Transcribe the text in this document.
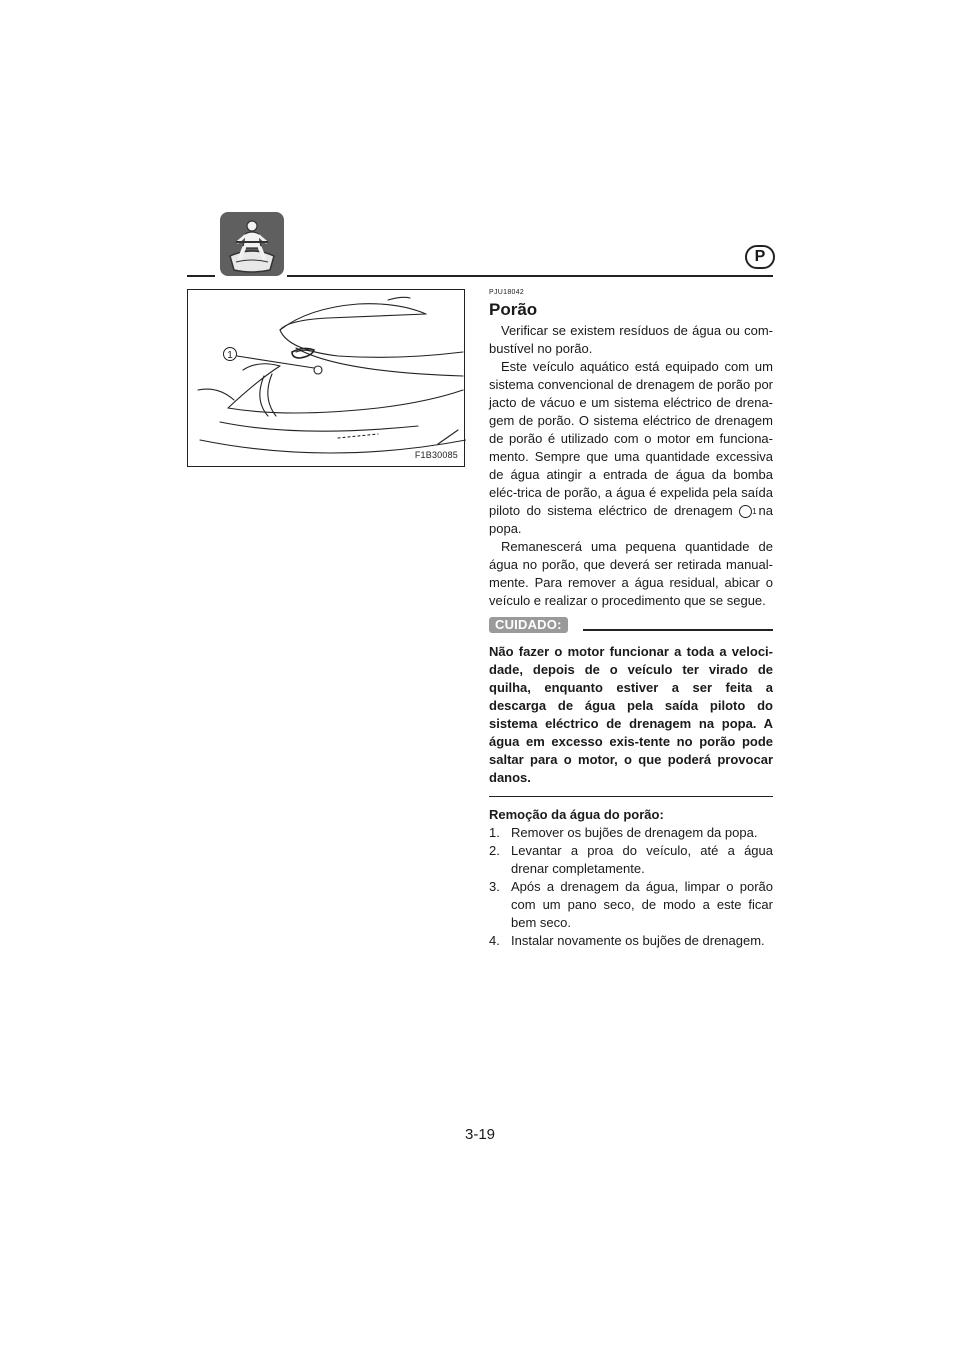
P
1
F1B30085
PJU18042
Porão

Verificar se existem resíduos de água ou com-bustível no porão.

Este veículo aquático está equipado com um sistema convencional de drenagem de porão por jacto de vácuo e um sistema eléctrico de drena-gem de porão. O sistema eléctrico de drenagem de porão é utilizado com o motor em funciona-mento. Sempre que uma quantidade excessiva de água atingir a entrada de água da bomba eléc-trica de porão, a água é expelida pela saída piloto do sistema eléctrico de drenagem 1 na popa.

Remanescerá uma pequena quantidade de água no porão, que deverá ser retirada manual-mente. Para remover a água residual, abicar o veículo e realizar o procedimento que se segue.

CUIDADO:
Não fazer o motor funcionar a toda a veloci-dade, depois de o veículo ter virado de quilha, enquanto estiver a ser feita a descarga de água pela saída piloto do sistema eléctrico de drenagem na popa. A água em excesso exis-tente no porão pode saltar para o motor, o que poderá provocar danos.
Remoção da água do porão:
1. Remover os bujões de drenagem da popa.
2. Levantar a proa do veículo, até a água drenar completamente.
3. Após a drenagem da água, limpar o porão com um pano seco, de modo a este ficar bem seco.
4. Instalar novamente os bujões de drenagem.
3-19
